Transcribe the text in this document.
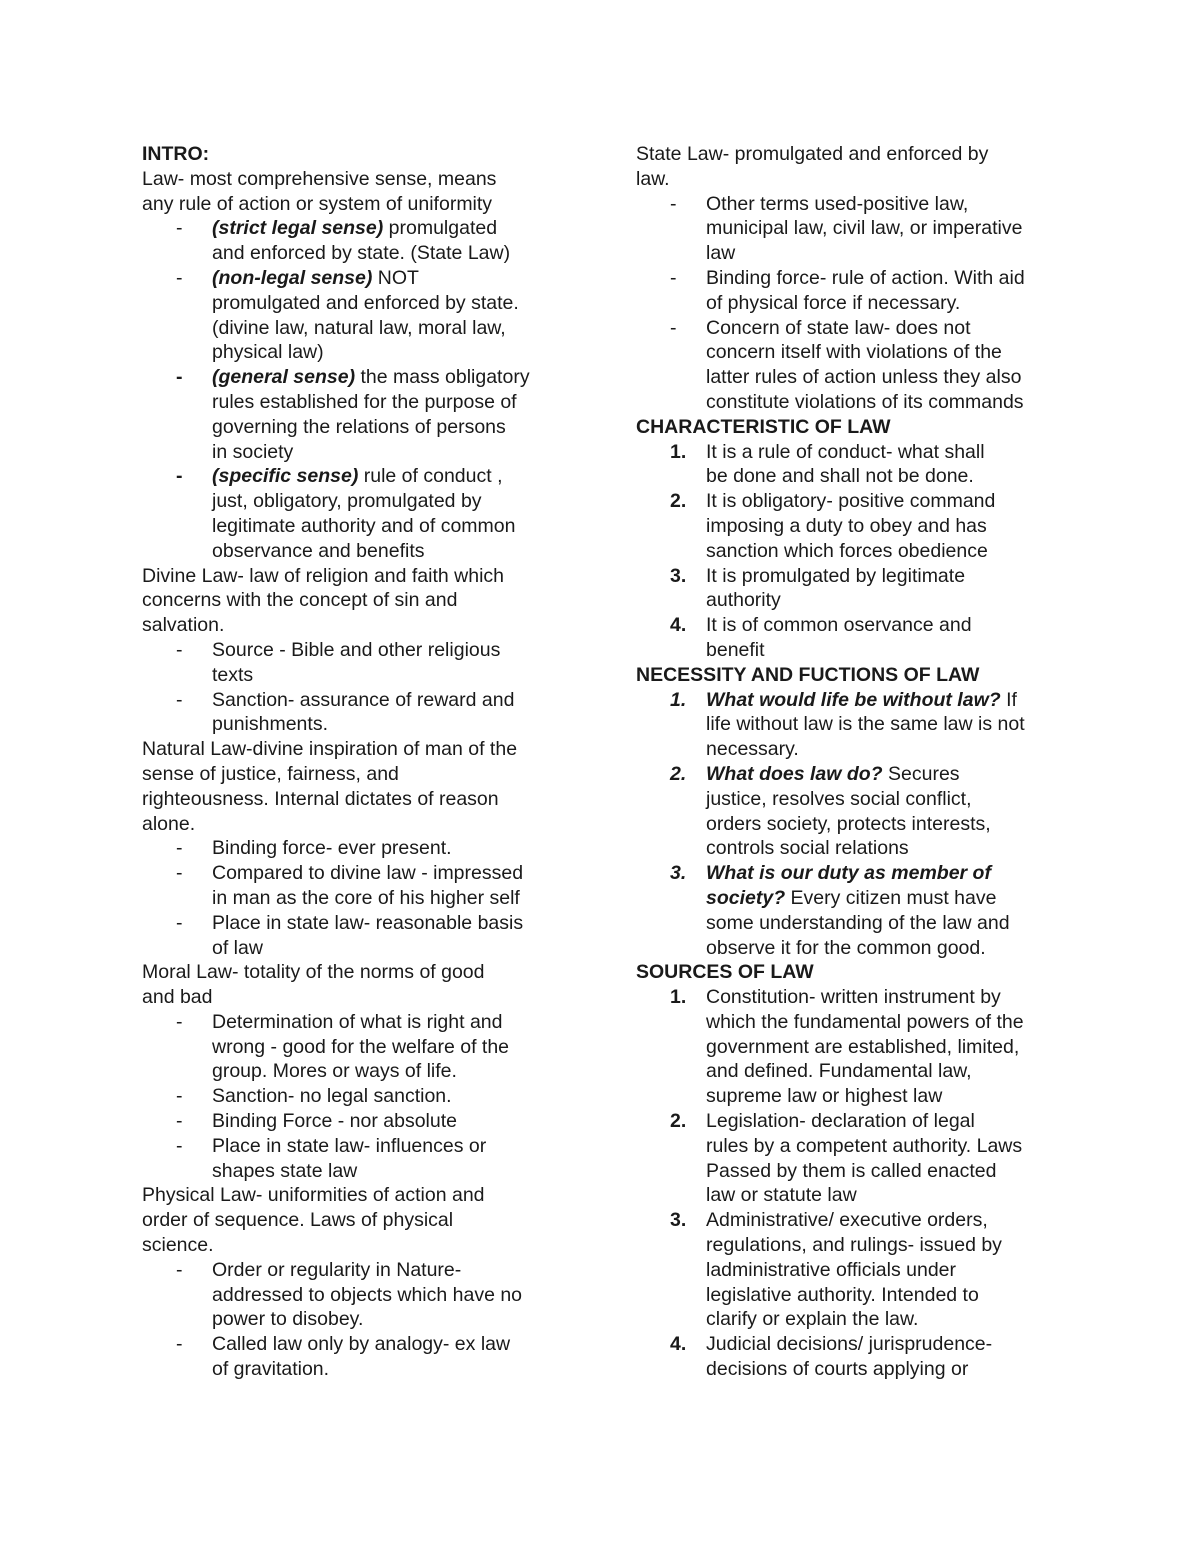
INTRO:
Law- most comprehensive sense, means
any rule of action or system of uniformity
- (strict legal sense) promulgated
and enforced by state. (State Law)
- (non-legal sense) NOT
promulgated and enforced by state.
(divine law, natural law, moral law,
physical law)
- (general sense) the mass obligatory
rules established for the purpose of
governing the relations of persons
in society
- (specific sense) rule of conduct ,
just, obligatory, promulgated by
legitimate authority and of common
observance and benefits
Divine Law- law of religion and faith which
concerns with the concept of sin and
salvation.
- Source - Bible and other religious
texts
- Sanction- assurance of reward and
punishments.
Natural Law-divine inspiration of man of the
sense of justice, fairness, and
righteousness. Internal dictates of reason
alone.
- Binding force- ever present.
- Compared to divine law - impressed
in man as the core of his higher self
- Place in state law- reasonable basis
of law
Moral Law- totality of the norms of good
and bad
- Determination of what is right and
wrong - good for the welfare of the
group. Mores or ways of life.
- Sanction- no legal sanction.
- Binding Force - nor absolute
- Place in state law- influences or
shapes state law
Physical Law- uniformities of action and
order of sequence. Laws of physical
science.
- Order or regularity in Nature-
addressed to objects which have no
power to disobey.
- Called law only by analogy- ex law
of gravitation.
State Law- promulgated and enforced by
law.
- Other terms used-positive law,
municipal law, civil law, or imperative
law
- Binding force- rule of action. With aid
of physical force if necessary.
- Concern of state law- does not
concern itself with violations of the
latter rules of action unless they also
constitute violations of its commands
CHARACTERISTIC OF LAW
1. It is a rule of conduct- what shall
be done and shall not be done.
2. It is obligatory- positive command
imposing a duty to obey and has
sanction which forces obedience
3. It is promulgated by legitimate
authority
4. It is of common oservance and
benefit
NECESSITY AND FUCTIONS OF LAW
1. What would life be without law? If
life without law is the same law is not
necessary.
2. What does law do? Secures
justice, resolves social conflict,
orders society, protects interests,
controls social relations
3. What is our duty as member of
society? Every citizen must have
some understanding of the law and
observe it for the common good.
SOURCES OF LAW
1. Constitution- written instrument by
which the fundamental powers of the
government are established, limited,
and defined. Fundamental law,
supreme law or highest law
2. Legislation- declaration of legal
rules by a competent authority. Laws
Passed by them is called enacted
law or statute law
3. Administrative/ executive orders,
regulations, and rulings- issued by
ladministrative officials under
legislative authority. Intended to
clarify or explain the law.
4. Judicial decisions/ jurisprudence-
decisions of courts applying or
